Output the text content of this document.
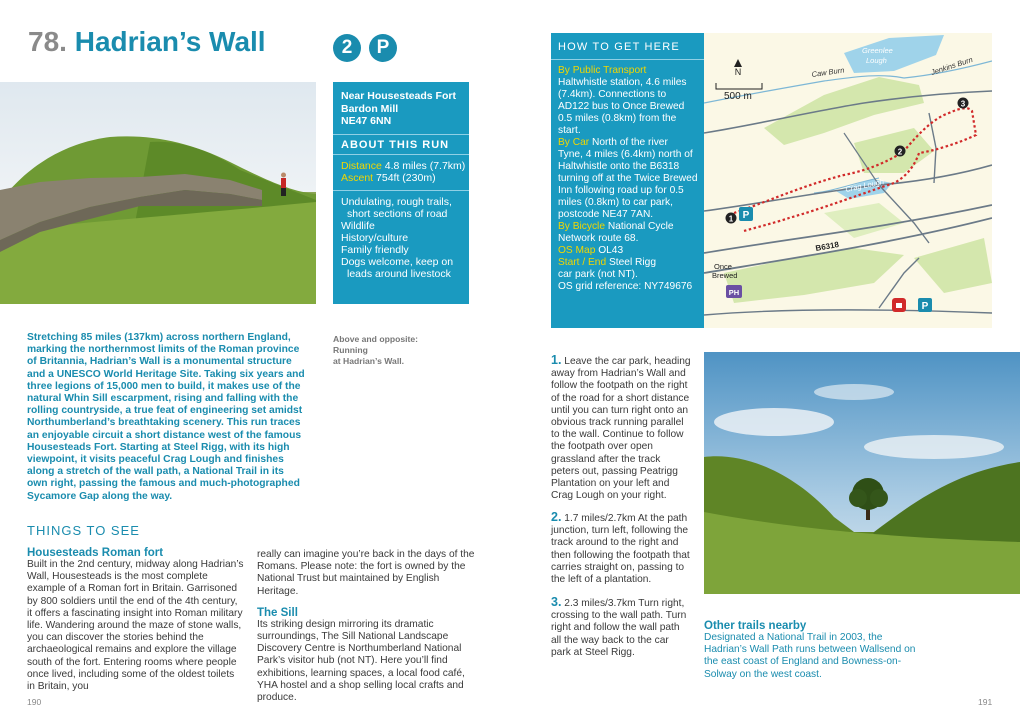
78. Hadrian’s Wall	2	P
Near Housesteads Fort
Bardon Mill
NE47 6NN
ABOUT THIS RUN
Distance 4.8 miles (7.7km)
Ascent 754ft (230m)
Undulating, rough trails,
short sections of road
Wildlife
History/culture
Family friendly
Dogs welcome, keep on
leads around livestock
HOW TO GET HERE
By Public Transport
Haltwhistle station, 4.6 miles
(7.4km). Connections to
AD122 bus to Once Brewed
0.5 miles (0.8km) from the
start.
By Car North of the river
Tyne, 4 miles (6.4km) north of
Haltwhistle onto the B6318
turning off at the Twice Brewed
Inn following road up for 0.5
miles (0.8km) to car park,
postcode NE47 7AN.
By Bicycle National Cycle
Network route 68.
OS Map OL43
Start / End Steel Rigg
car park (not NT).
OS grid reference: NY749676
1
2
3
P
N
500 m
Greenlee
Lough
Caw Burn	Jenkins Burn
Crag Lough
B6318
Once
Brewed
PH
P
Stretching 85 miles (137km) across northern England, marking the northernmost limits of the Roman province of Britannia, Hadrian’s Wall is a monumental structure and a UNESCO World Heritage Site. Taking six years and three legions of 15,000 men to build, it makes use of the natural Whin Sill escarpment, rising and falling with the rolling countryside, a true feat of engineering set amidst Northumberland’s breathtaking scenery. This run traces an enjoyable circuit a short distance west of the famous Housesteads Fort. Starting at Steel Rigg, with its high viewpoint, it visits peaceful Crag Lough and finishes along a stretch of the wall path, a National Trail in its own right, passing the famous and much-photographed Sycamore Gap along the way.
Above and opposite: Running
at Hadrian’s Wall.
THINGS TO SEE
Housesteads Roman fort
Built in the 2nd century, midway along Hadrian’s Wall, Housesteads is the most complete example of a Roman fort in Britain. Garrisoned by 800 soldiers until the end of the 4th century, it offers a fascinating insight into Roman military life. Wandering around the maze of stone walls, you can discover the stories behind the archaeological remains and explore the village south of the fort. Entering rooms where people once lived, including some of the oldest toilets in Britain, you
really can imagine you’re back in the days of the Romans. Please note: the fort is owned by the National Trust but maintained by English Heritage.
The Sill
Its striking design mirroring its dramatic surroundings, The Sill National Landscape Discovery Centre is Northumberland National Park’s visitor hub (not NT). Here you’ll find exhibitions, learning spaces, a local food café, YHA hostel and a shop selling local crafts and produce.
1. Leave the car park, heading away from Hadrian’s Wall and follow the footpath on the right of the road for a short distance until you can turn right onto an obvious track running parallel to the wall. Continue to follow the footpath over open grassland after the track peters out, passing Peatrigg Plantation on your left and Crag Lough on your right.
2. 1.7 miles/2.7km At the path junction, turn left, following the track around to the right and then following the footpath that carries straight on, passing to the left of a plantation.
3. 2.3 miles/3.7km Turn right, crossing to the wall path. Turn right and follow the wall path all the way back to the car park at Steel Rigg.
Other trails nearby
Designated a National Trail in 2003, the Hadrian’s Wall Path runs between Wallsend on the east coast of England and Bowness-on-Solway on the west coast.
190	191
